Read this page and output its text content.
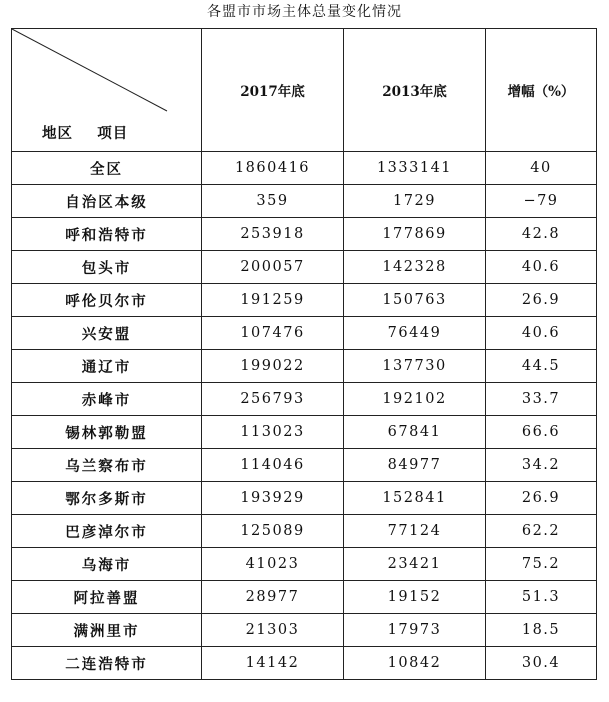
各盟市市场主体总量变化情况
地区    项目	2017年底	2013年底	增幅（%）
全区	1860416	1333141	40
自治区本级	359	1729	−79
呼和浩特市	253918	177869	42.8
包头市	200057	142328	40.6
呼伦贝尔市	191259	150763	26.9
兴安盟	107476	76449	40.6
通辽市	199022	137730	44.5
赤峰市	256793	192102	33.7
锡林郭勒盟	113023	67841	66.6
乌兰察布市	114046	84977	34.2
鄂尔多斯市	193929	152841	26.9
巴彦淖尔市	125089	77124	62.2
乌海市	41023	23421	75.2
阿拉善盟	28977	19152	51.3
满洲里市	21303	17973	18.5
二连浩特市	14142	10842	30.4
